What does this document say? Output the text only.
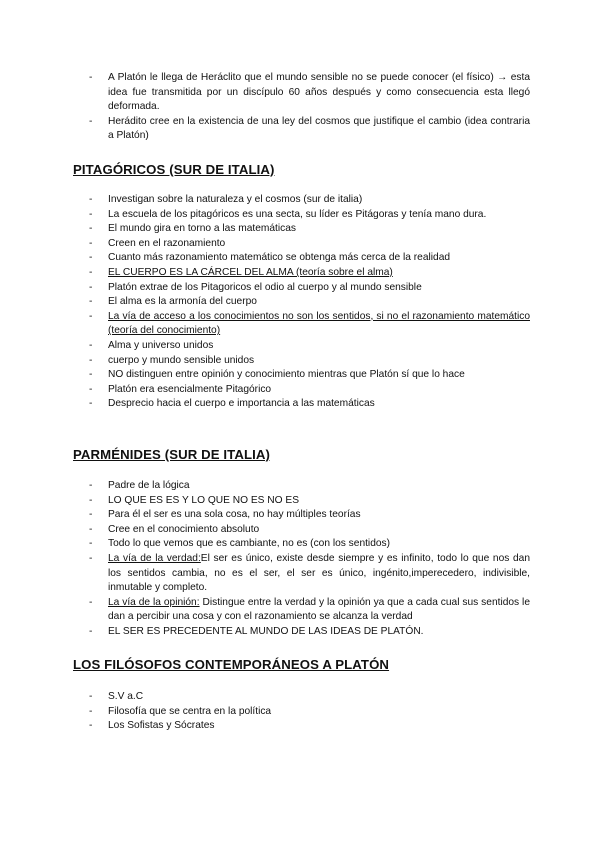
- A Platón le llega de Heráclito que el mundo sensible no se puede conocer (el físico) → esta idea fue transmitida por un discípulo 60 años después y como consecuencia esta llegó deformada.
- Herádito cree en la existencia de una ley del cosmos que justifique el cambio (idea contraria a Platón)
PITAGÓRICOS (SUR DE ITALIA)
- Investigan sobre la naturaleza y el cosmos (sur de italia)
- La escuela de los pitagóricos es una secta, su líder es Pitágoras y tenía mano dura.
- El mundo gira en torno a las matemáticas
- Creen en el razonamiento
- Cuanto más razonamiento matemático se obtenga más cerca de la realidad
- EL CUERPO ES LA CÁRCEL DEL ALMA (teoría sobre el alma)
- Platón extrae de los Pitagoricos el odio al cuerpo y al mundo sensible
- El alma es la armonía del cuerpo
- La vía de acceso a los conocimientos no son los sentidos, si no el razonamiento matemático (teoría del conocimiento)
- Alma y universo unidos
- cuerpo y mundo sensible unidos
- NO distinguen entre opinión y conocimiento mientras que Platón sí que lo hace
- Platón era esencialmente Pitagórico
- Desprecio hacia el cuerpo e importancia a las matemáticas
PARMÉNIDES (SUR DE ITALIA)
- Padre de la lógica
- LO QUE ES ES Y LO QUE NO ES NO ES
- Para él el ser es una sola cosa, no hay múltiples teorías
- Cree en el conocimiento absoluto
- Todo lo que vemos que es cambiante, no es (con los sentidos)
- La vía de la verdad:El ser es único, existe desde siempre y es infinito, todo lo que nos dan los sentidos cambia, no es el ser, el ser es único, ingénito,imperecedero, indivisible, inmutable y completo.
- La vía de la opinión: Distingue entre la verdad y la opinión ya que a cada cual sus sentidos le dan a percibir una cosa y con el razonamiento se alcanza la verdad
- EL SER ES PRECEDENTE AL MUNDO DE LAS IDEAS DE PLATÓN.
LOS FILÓSOFOS CONTEMPORÁNEOS A PLATÓN
- S.V a.C
- Filosofía que se centra en la política
- Los Sofistas y Sócrates
